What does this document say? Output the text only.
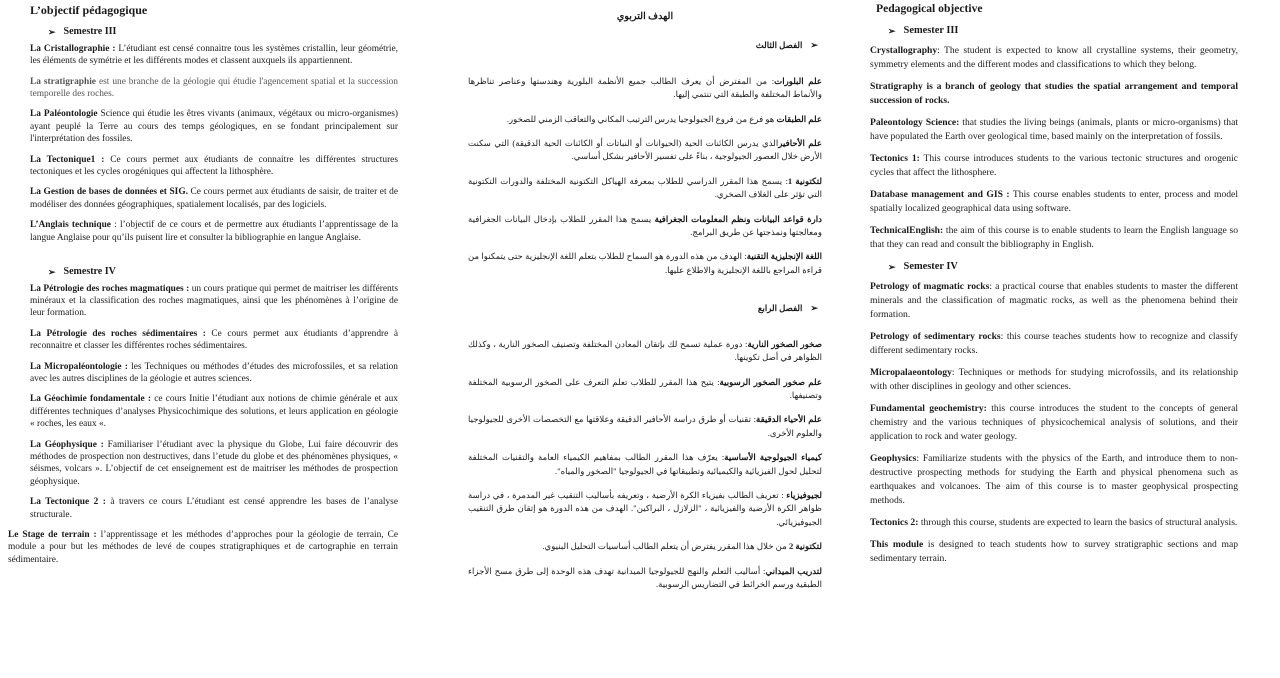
L’objectif pédagogique
➢ Semestre III
La Cristallographie : L’étudiant est censé connaitre tous les systèmes cristallin, leur géométrie, les éléments de symétrie et les différents modes et classent auxquels ils appartiennent.
La stratigraphie est une branche de la géologie qui étudie l'agencement spatial et la succession temporelle des roches.
La Paléontologie Science qui étudie les êtres vivants (animaux, végétaux ou micro-organismes) ayant peuplé la Terre au cours des temps géologiques, en se fondant principalement sur l'interprétation des fossiles.
La Tectonique1 : Ce cours permet aux étudiants de connaitre les différentes structures tectoniques et les cycles orogéniques qui affectent la lithosphère.
La Gestion de bases de données et SIG. Ce cours permet aux étudiants de saisir, de traiter et de modéliser des données géographiques, spatialement localisés, par des logiciels.
L’Anglais technique : l’objectif de ce cours et de permettre aux étudiants l’apprentissage de la langue Anglaise pour qu’ils puisent lire et consulter la bibliographie en langue Anglaise.
➢ Semestre IV
La Pétrologie des roches magmatiques : un cours pratique qui permet de maitriser les différents minéraux et la classification des roches magmatiques, ainsi que les phénomènes à l’origine de leur formation.
La Pétrologie des roches sédimentaires : Ce cours permet aux étudiants d’apprendre à reconnaitre et classer les différentes roches sédimentaires.
La Micropaléontologie : les Techniques ou méthodes d’études des microfossiles, et sa relation avec les autres disciplines de la géologie et autres sciences.
La Géochimie fondamentale : ce cours Initie l’étudiant aux notions de chimie générale et aux différentes techniques d’analyses Physicochimique des solutions, et leurs application en géologie « roches, les eaux «.
La Géophysique : Familiariser l’étudiant avec la physique du Globe, Lui faire découvrir des méthodes de prospection non destructives, dans l’etude du globe et des phénomènes physiques, « séismes, volcars ». L’objectif de cet enseignement est de maitriser les méthodes de prospection géophysique.
La Tectonique 2 : à travers ce cours L’étudiant est censé apprendre les bases de l’analyse structurale.
Le Stage de terrain : l’apprentissage et les méthodes d’approches pour la géologie de terrain, Ce module a pour but les méthodes de levé de coupes stratigraphiques et de cartographie en terrain sédimentaire.
الهدف التربوي
➢
الفصل الثالث
علم البلورات: من المفترض أن يعرف الطالب جميع الأنظمة البلورية وهندستها وعناصر تناظرها والأنماط المختلفة والطبقة التي تنتمي إليها.
علم الطبقات هو فرع من فروع الجيولوجيا يدرس الترتيب المكاني والتعاقب الزمني للصخور.
علم الأحافيرالذي يدرس الكائنات الحية (الحيوانات أو النباتات أو الكائنات الحية الدقيقة) التي سكنت الأرض خلال العصور الجيولوجية ، بناءً على تفسير الأحافير بشكل أساسي.
لتكتونية 1: يسمح هذا المقرر الدراسي للطلاب بمعرفة الهياكل التكتونية المختلفة والدورات التكتونية التي تؤثر على الغلاف الصخري.
دارة قواعد البيانات ونظم المعلومات الجغرافية يسمح هذا المقرر للطلاب بإدخال البيانات الجغرافية ومعالجتها ونمذجتها عن طريق البرامج.
اللغة الإنجليزية التقنية: الهدف من هذه الدورة هو السماح للطلاب بتعلم اللغة الإنجليزية حتى يتمكنوا من قراءة المراجع باللغة الإنجليزية والاطلاع عليها.
➢
الفصل الرابع
صخور الصخور النارية: دورة عملية تسمح لك بإتقان المعادن المختلفة وتصنيف الصخور النارية ، وكذلك الظواهر في أصل تكوينها.
علم صخور الصخور الرسوبية: يتيح هذا المقرر للطلاب تعلم التعرف على الصخور الرسوبية المختلفة وتصنيفها.
علم الأحياء الدقيقة: تقنيات أو طرق دراسة الأحافير الدقيقة وعلاقتها مع التخصصات الأخرى للجيولوجيا والعلوم الأخرى.
كيمياء الجيولوجية الأساسية: يعرّف هذا المقرر الطالب بمفاهيم الكيمياء العامة والتقنيات المختلفة لتحليل لحول الفيزيائية والكيميائية وتطبيقاتها في الجيولوجيا "الصخور والمياه".
لجيوفيزياء : تعريف الطالب بفيزياء الكرة الأرضية ، وتعريفه بأساليب التنقيب غير المدمرة ، في دراسة ظواهر الكرة الأرضية والفيزيائية ، "الزلازل ، البراكين". الهدف من هذه الدورة هو إتقان طرق التنقيب الجيوفيزيائي.
لتكتونية 2 من خلال هذا المقرر يفترض أن يتعلم الطالب أساسيات التحليل البنيوي.
لتدريب الميداني: أساليب التعلم والنهج للجيولوجيا الميدانية تهدف هذه الوحدة إلى طرق مسح الأجزاء الطبقية ورسم الخرائط في التضاريس الرسوبية.
Pedagogical objective
➢ Semester III
Crystallography: The student is expected to know all crystalline systems, their geometry, symmetry elements and the different modes and classifications to which they belong.
Stratigraphy is a branch of geology that studies the spatial arrangement and temporal succession of rocks.
Paleontology Science: that studies the living beings (animals, plants or micro-organisms) that have populated the Earth over geological time, based mainly on the interpretation of fossils.
Tectonics 1: This course introduces students to the various tectonic structures and orogenic cycles that affect the lithosphere.
Database management and GIS : This course enables students to enter, process and model spatially localized geographical data using software.
TechnicalEnglish: the aim of this course is to enable students to learn the English language so that they can read and consult the bibliography in English.
➢ Semester IV
Petrology of magmatic rocks: a practical course that enables students to master the different minerals and the classification of magmatic rocks, as well as the phenomena behind their formation.
Petrology of sedimentary rocks: this course teaches students how to recognize and classify different sedimentary rocks.
Micropalaeontology: Techniques or methods for studying microfossils, and its relationship with other disciplines in geology and other sciences.
Fundamental geochemistry: this course introduces the student to the concepts of general chemistry and the various techniques of physicochemical analysis of solutions, and their application to rock and water geology.
Geophysics: Familiarize students with the physics of the Earth, and introduce them to non-destructive prospecting methods for studying the Earth and physical phenomena such as earthquakes and volcanoes. The aim of this course is to master geophysical prospecting methods.
Tectonics 2: through this course, students are expected to learn the basics of structural analysis.
This module is designed to teach students how to survey stratigraphic sections and map sedimentary terrain.
